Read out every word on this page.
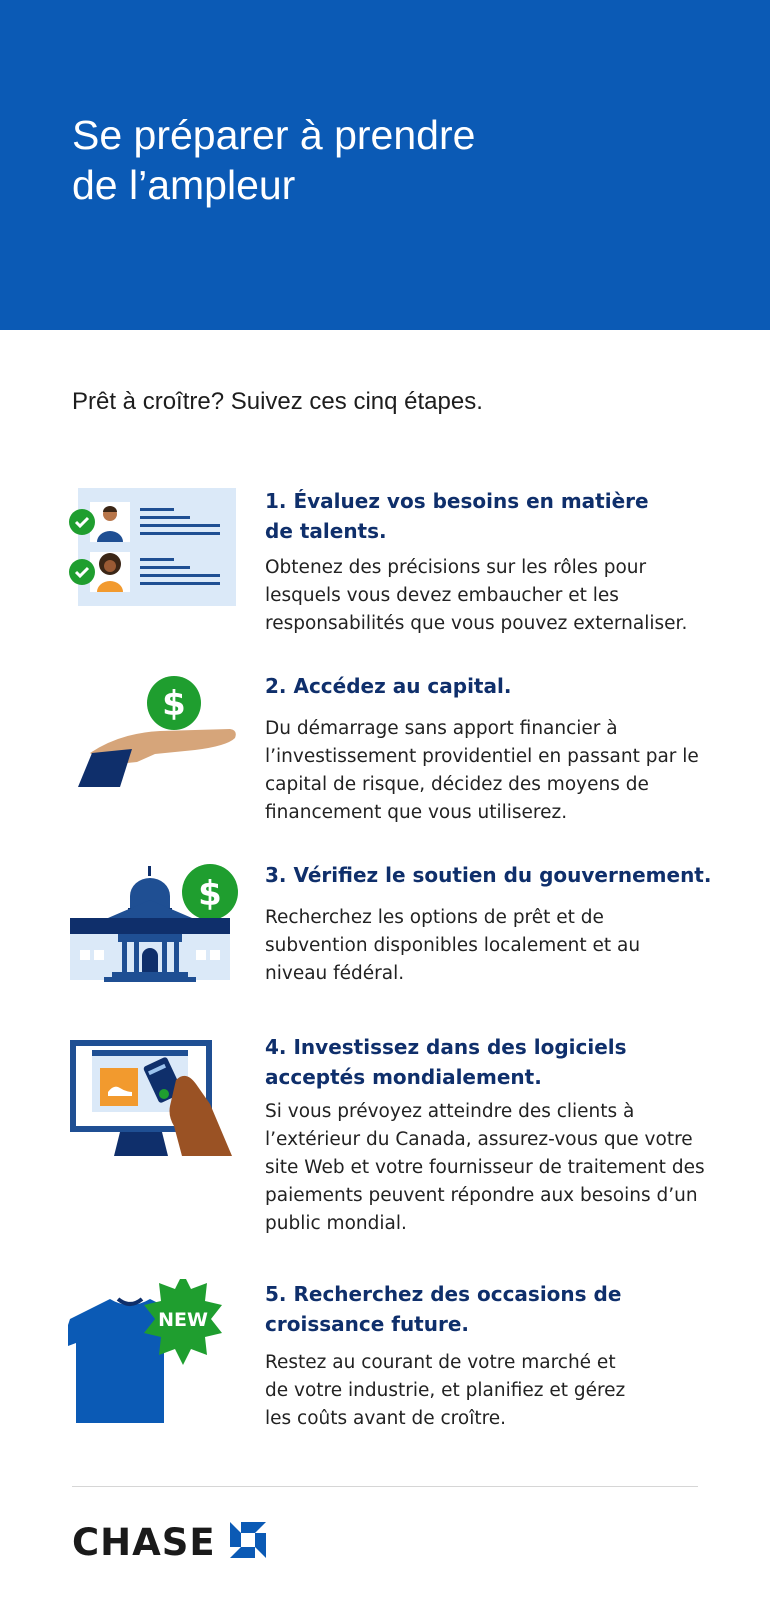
Se préparer à prendre
de l’ampleur
Prêt à croître? Suivez ces cinq étapes.
1. Évaluez vos besoins en matière
de talents.

Obtenez des précisions sur les rôles pour
lesquels vous devez embaucher et les
responsabilités que vous pouvez externaliser.

$	2. Accédez au capital.

Du démarrage sans apport financier à
l’investissement providentiel en passant par le
capital de risque, décidez des moyens de
financement que vous utiliserez.

$ 3. Vérifiez le soutien du gouvernement.

Recherchez les options de prêt et de
subvention disponibles localement et au
niveau fédéral.

4. Investissez dans des logiciels
acceptés mondialement.

Si vous prévoyez atteindre des clients à
l’extérieur du Canada, assurez-vous que votre
site Web et votre fournisseur de traitement des
paiements peuvent répondre aux besoins d’un
public mondial.

NEW
5. Recherchez des occasions de
croissance future.

Restez au courant de votre marché et
de votre industrie, et planifiez et gérez
les coûts avant de croître.

CHASE
